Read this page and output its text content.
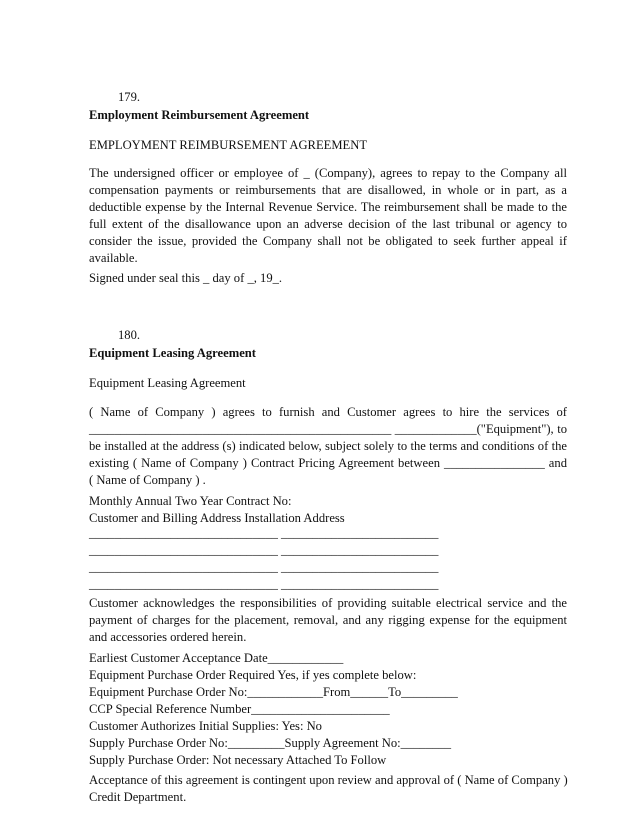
179.
Employment Reimbursement Agreement
EMPLOYMENT REIMBURSEMENT AGREEMENT
The undersigned officer or employee of _ (Company), agrees to repay to the Company all
compensation payments or reimbursements that are disallowed, in whole or in part, as a
deductible expense by the Internal Revenue Service. The reimbursement shall be made to the
full extent of the disallowance upon an adverse decision of the last tribunal or agency to
consider the issue, provided the Company shall not be obligated to seek further appeal if
available.
Signed under seal this _ day of _, 19_.
180.
Equipment Leasing Agreement
Equipment Leasing Agreement
( Name of Company ) agrees to furnish and Customer agrees to hire the services of
________________________________________________ _____________("Equipment"), to
be installed at the address (s) indicated below, subject solely to the terms and conditions of the
existing ( Name of Company ) Contract Pricing Agreement between ________________ and
( Name of Company ) .
Monthly Annual Two Year Contract No:
Customer and Billing Address Installation Address
______________________________ _________________________
______________________________ _________________________
______________________________ _________________________
______________________________ _________________________
Customer acknowledges the responsibilities of providing suitable electrical service and the
payment of charges for the placement, removal, and any rigging expense for the equipment
and accessories ordered herein.
Earliest Customer Acceptance Date____________
Equipment Purchase Order Required Yes, if yes complete below:
Equipment Purchase Order No:____________From______To_________
CCP Special Reference Number______________________
Customer Authorizes Initial Supplies: Yes: No
Supply Purchase Order No:_________Supply Agreement No:________
Supply Purchase Order: Not necessary Attached To Follow
Acceptance of this agreement is contingent upon review and approval of ( Name of Company )
Credit Department.
